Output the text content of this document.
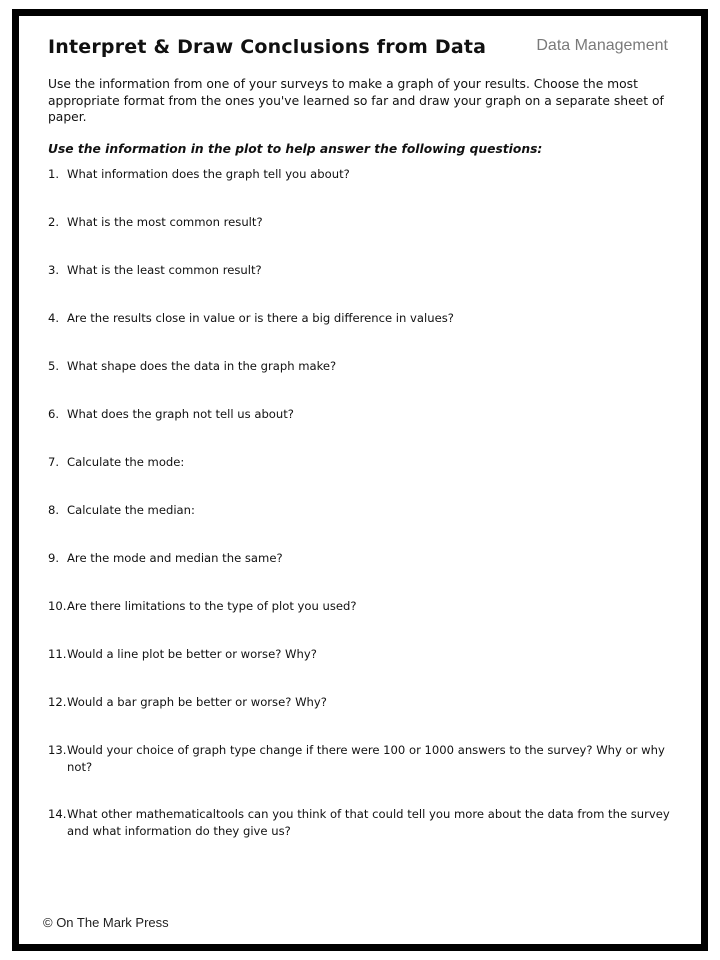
Interpret & Draw Conclusions from Data	Data Management
Use the information from one of your surveys to make a graph of your results. Choose the most appropriate format from the ones you've learned so far and draw your graph on a separate sheet of paper.
Use the information in the plot to help answer the following questions:
1. What information does the graph tell you about?
2. What is the most common result?
3. What is the least common result?
4. Are the results close in value or is there a big difference in values?
5. What shape does the data in the graph make?
6. What does the graph not tell us about?
7. Calculate the mode:
8. Calculate the median:
9. Are the mode and median the same?
10. Are there limitations to the type of plot you used?
11. Would a line plot be better or worse? Why?
12. Would a bar graph be better or worse? Why?
13. Would your choice of graph type change if there were 100 or 1000 answers to the survey? Why or why not?
14. What other mathematicaltools can you think of that could tell you more about the data from the survey and what information do they give us?
© On The Mark Press
